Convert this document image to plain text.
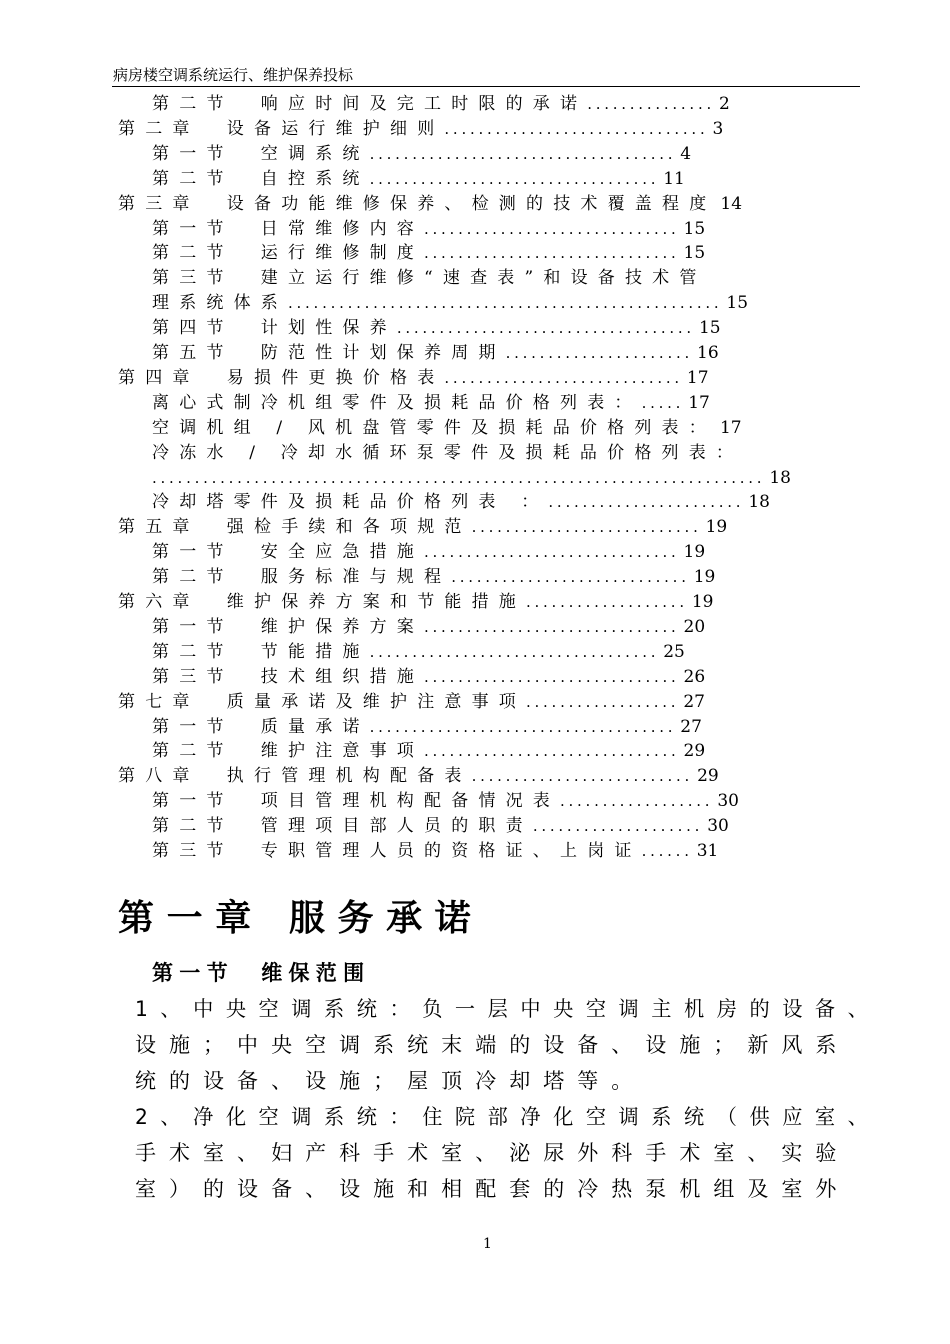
病房楼空调系统运行、维护保养投标
第二节　响应时间及完工时限的承诺............... 2
第二章　设备运行维护细则............................... 3
第一节　空调系统.................................... 4
第二节　自控系统.................................. 11
第三章　设备功能维修保养、检测的技术覆盖程度 14
第一节　日常维修内容.............................. 15
第二节　运行维修制度.............................. 15
第三节　建立运行维修“速查表”和设备技术管
理系统体系................................................... 15
第四节　计划性保养................................... 15
第五节　防范性计划保养周期...................... 16
第四章　易损件更换价格表............................ 17
离心式制冷机组零件及损耗品价格列表：..... 17
空调机组 / 风机盘管零件及损耗品价格列表： 17
冷冻水 / 冷却水循环泵零件及损耗品价格列表：
........................................................................ 18
冷却塔零件及损耗品价格列表 ：....................... 18
第五章　强检手续和各项规范........................... 19
第一节　安全应急措施.............................. 19
第二节　服务标准与规程............................ 19
第六章　维护保养方案和节能措施................... 19
第一节　维护保养方案.............................. 20
第二节　节能措施.................................. 25
第三节　技术组织措施.............................. 26
第七章　质量承诺及维护注意事项.................. 27
第一节　质量承诺.................................... 27
第二节　维护注意事项.............................. 29
第八章　执行管理机构配备表.......................... 29
第一节　项目管理机构配备情况表.................. 30
第二节　管理项目部人员的职责.................... 30
第三节　专职管理人员的资格证、上岗证...... 31
第一章 服务承诺
第一节　维保范围
1、中央空调系统：负一层中央空调主机房的设备、
设施；中央空调系统末端的设备、设施；新风系
统的设备、设施；屋顶冷却塔等。
2、净化空调系统：住院部净化空调系统（供应室、
手术室、妇产科手术室、泌尿外科手术室、实验
室）的设备、设施和相配套的冷热泵机组及室外
1
